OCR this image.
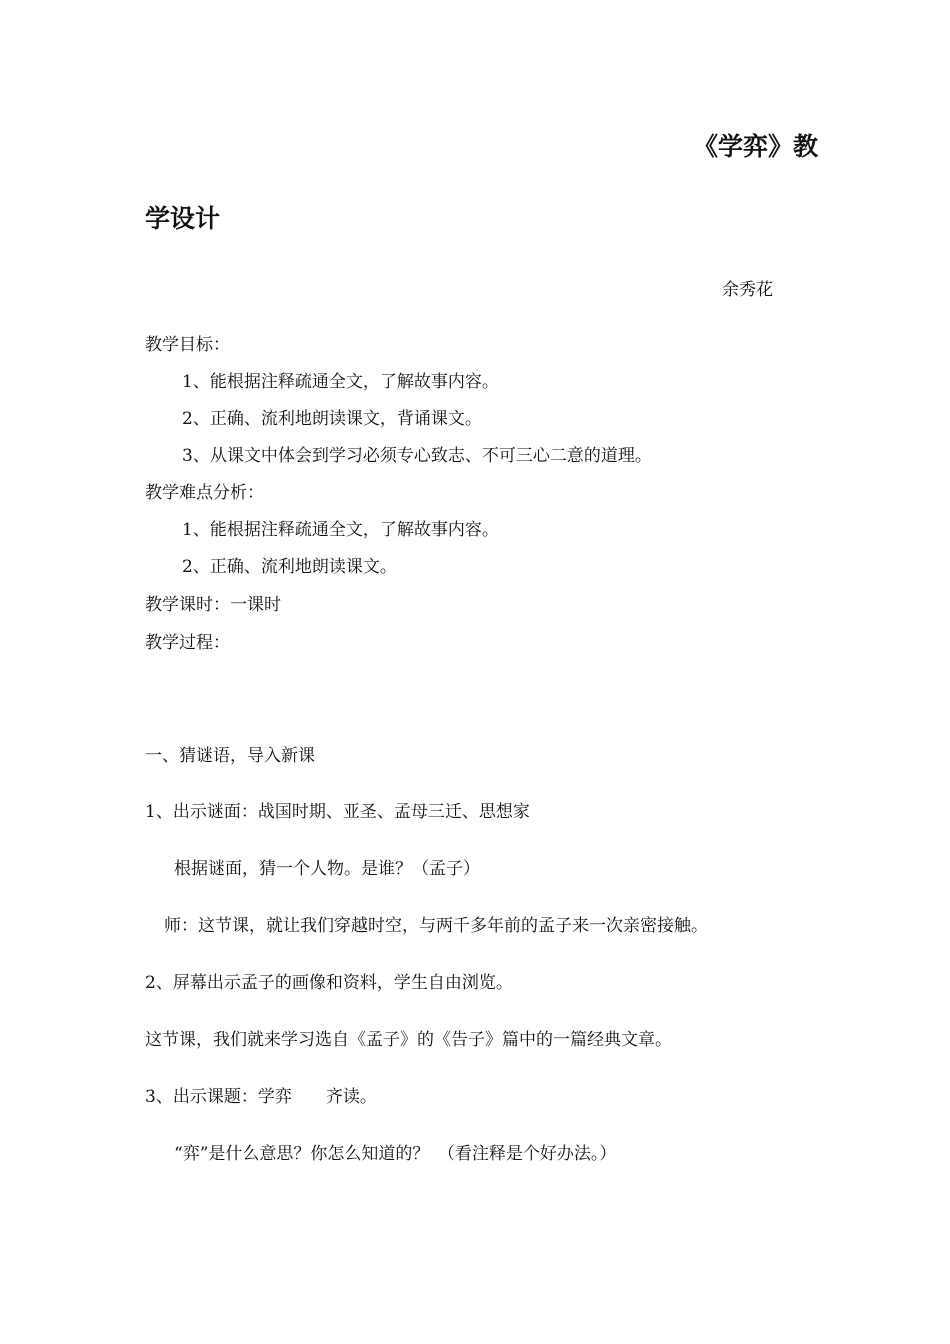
《学弈》教
学设计
余秀花
教学目标：
1、能根据注释疏通全文，了解故事内容。
2、正确、流利地朗读课文，背诵课文。
3、从课文中体会到学习必须专心致志、不可三心二意的道理。
教学难点分析：
1、能根据注释疏通全文，了解故事内容。
2、正确、流利地朗读课文。
教学课时：一课时
教学过程：
一、猜谜语，导入新课
1、出示谜面：战国时期、亚圣、孟母三迁、思想家
根据谜面，猜一个人物。是谁？（孟子）
师：这节课，就让我们穿越时空，与两千多年前的孟子来一次亲密接触。
2、屏幕出示孟子的画像和资料，学生自由浏览。
这节课，我们就来学习选自《孟子》的《告子》篇中的一篇经典文章。
3、出示课题：学弈　　齐读。
“弈”是什么意思？你怎么知道的？　（看注释是个好办法。）
